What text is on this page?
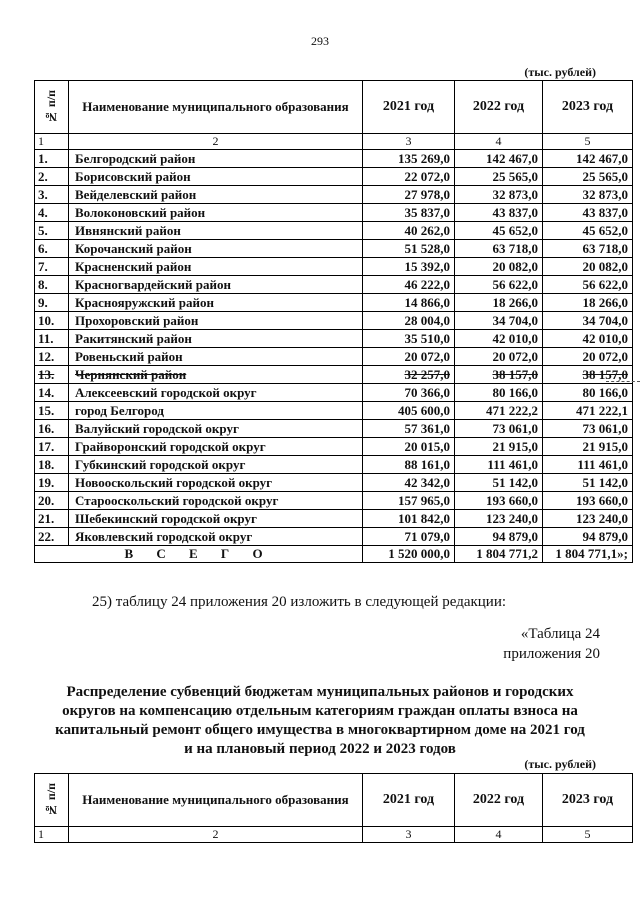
293
(тыс. рублей)
№ п/п	Наименование муниципального образования	2021 год	2022 год	2023 год
1	2	3	4	5
1.	Белгородский район	135 269,0	142 467,0	142 467,0
2.	Борисовский район	22 072,0	25 565,0	25 565,0
3.	Вейделевский район	27 978,0	32 873,0	32 873,0
4.	Волоконовский район	35 837,0	43 837,0	43 837,0
5.	Ивнянский район	40 262,0	45 652,0	45 652,0
6.	Корочанский район	51 528,0	63 718,0	63 718,0
7.	Красненский район	15 392,0	20 082,0	20 082,0
8.	Красногвардейский район	46 222,0	56 622,0	56 622,0
9.	Краснояружский район	14 866,0	18 266,0	18 266,0
10.	Прохоровский район	28 004,0	34 704,0	34 704,0
11.	Ракитянский район	35 510,0	42 010,0	42 010,0
12.	Ровеньский район	20 072,0	20 072,0	20 072,0
13.	Чернянский район	32 257,0	38 157,0	38 157,0
14.	Алексеевский городской округ	70 366,0	80 166,0	80 166,0
15.	город Белгород	405 600,0	471 222,2	471 222,1
16.	Валуйский городской округ	57 361,0	73 061,0	73 061,0
17.	Грайворонский городской округ	20 015,0	21 915,0	21 915,0
18.	Губкинский городской округ	88 161,0	111 461,0	111 461,0
19.	Новооскольский городской округ	42 342,0	51 142,0	51 142,0
20.	Старооскольский городской округ	157 965,0	193 660,0	193 660,0
21.	Шебекинский городской округ	101 842,0	123 240,0	123 240,0
22.	Яковлевский городской округ	71 079,0	94 879,0	94 879,0
В С Е Г О		1 520 000,0	1 804 771,2	1 804 771,1»;
25) таблицу 24 приложения 20 изложить в следующей редакции:
«Таблица 24
приложения 20
Распределение субвенций бюджетам муниципальных районов и городских
округов на компенсацию отдельным категориям граждан оплаты взноса на
капитальный ремонт общего имущества в многоквартирном доме на 2021 год
и на плановый период 2022 и 2023 годов
(тыс. рублей)
№ п/п	Наименование муниципального образования	2021 год	2022 год	2023 год
1	2	3	4	5
